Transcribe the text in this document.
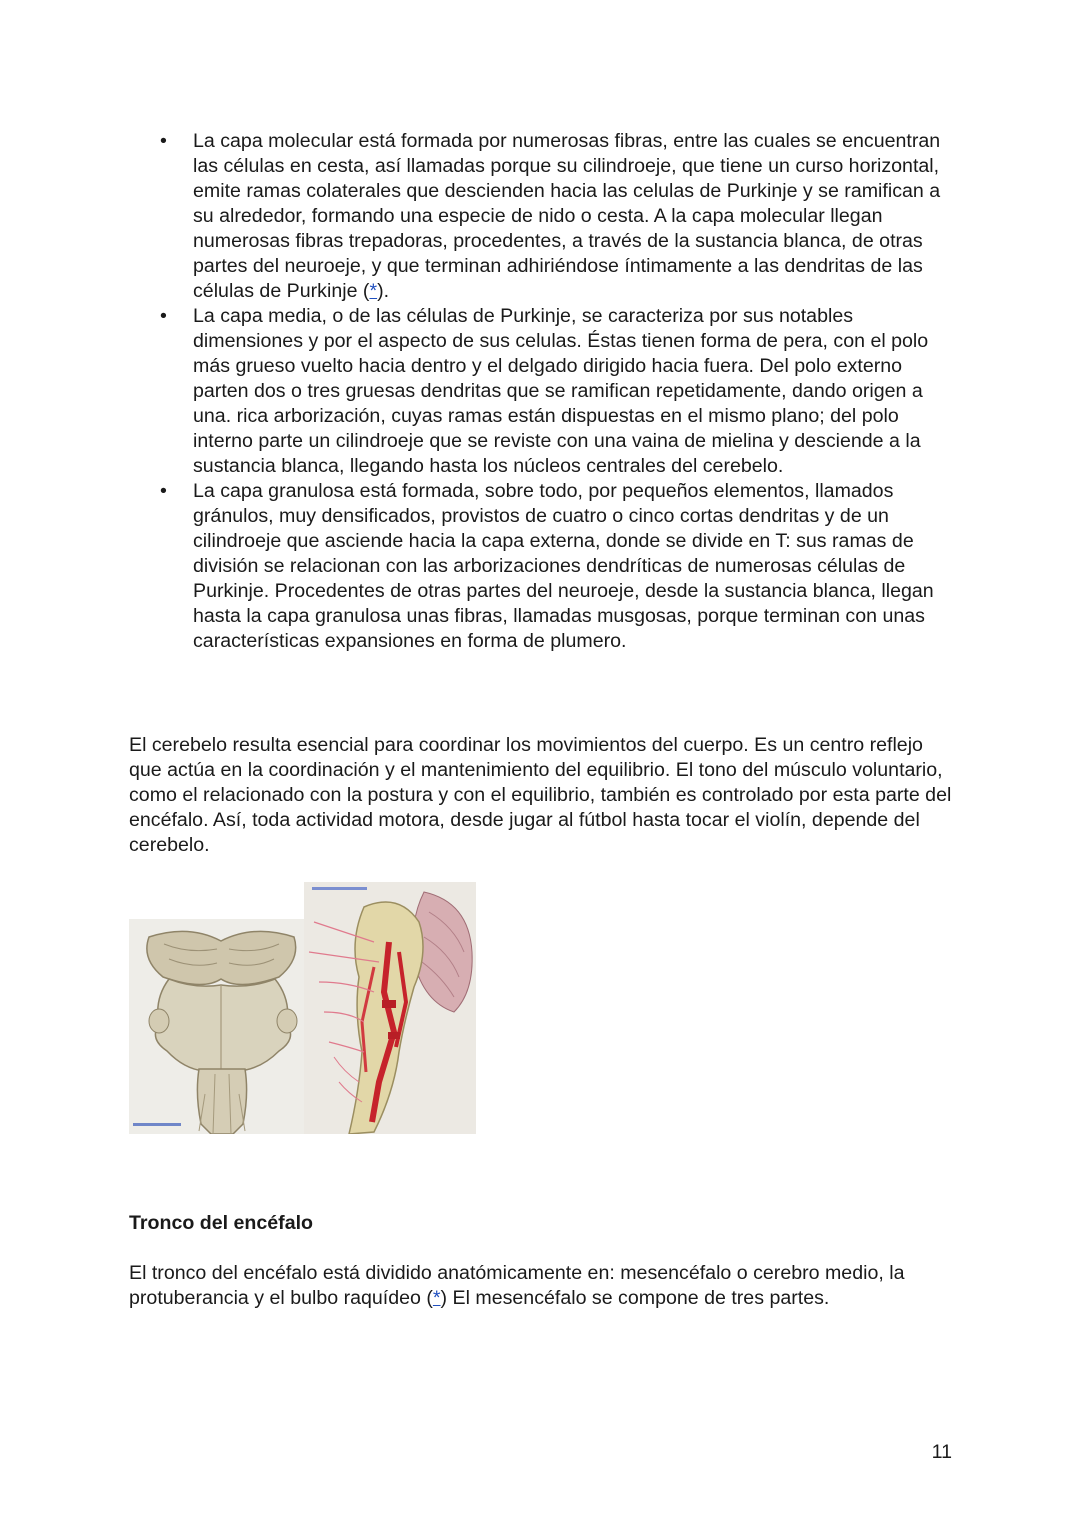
• La capa molecular está formada por numerosas fibras, entre las cuales se encuentran las células en cesta, así llamadas porque su cilindroeje, que tiene un curso horizontal, emite ramas colaterales que descienden hacia las celulas de Purkinje y se ramifican a su alrededor, formando una especie de nido o cesta. A la capa molecular llegan numerosas fibras trepadoras, procedentes, a través de la sustancia blanca, de otras partes del neuroeje, y que terminan adhiriéndose íntimamente a las dendritas de las células de Purkinje (*).
• La capa media, o de las células de Purkinje, se caracteriza por sus notables dimensiones y por el aspecto de sus celulas. Éstas tienen forma de pera, con el polo más grueso vuelto hacia dentro y el delgado dirigido hacia fuera. Del polo externo parten dos o tres gruesas dendritas que se ramifican repetidamente, dando origen a una. rica arborización, cuyas ramas están dispuestas en el mismo plano; del polo interno parte un cilindroeje que se reviste con una vaina de mielina y desciende a la sustancia blanca, llegando hasta los núcleos centrales del cerebelo.
• La capa granulosa está formada, sobre todo, por pequeños elementos, llamados gránulos, muy densificados, provistos de cuatro o cinco cortas dendritas y de un cilindroeje que asciende hacia la capa externa, donde se divide en T: sus ramas de división se relacionan con las arborizaciones dendríticas de numerosas células de Purkinje. Procedentes de otras partes del neuroeje, desde la sustancia blanca, llegan hasta la capa granulosa unas fibras, llamadas musgosas, porque terminan con unas características expansiones en forma de plumero.

El cerebelo resulta esencial para coordinar los movimientos del cuerpo. Es un centro reflejo que actúa en la coordinación y el mantenimiento del equilibrio. El tono del músculo voluntario, como el relacionado con la postura y con el equilibrio, también es controlado por esta parte del encéfalo. Así, toda actividad motora, desde jugar al fútbol hasta tocar el violín, depende del cerebelo.

Tronco del encéfalo

El tronco del encéfalo está dividido anatómicamente en: mesencéfalo o cerebro medio, la protuberancia y el bulbo raquídeo (*) El mesencéfalo se compone de tres partes.

11
